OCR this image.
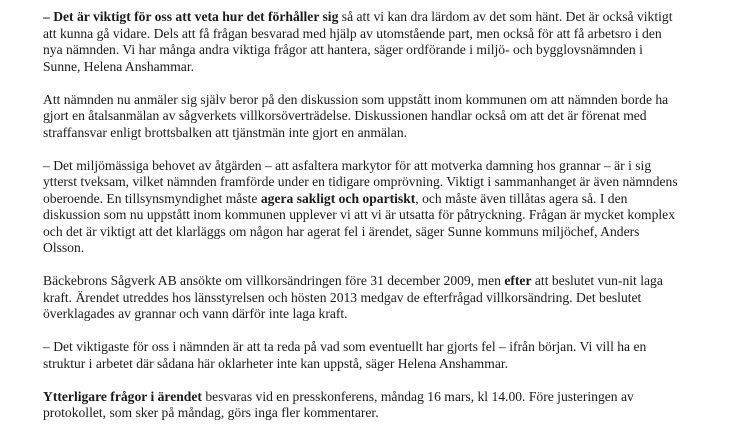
– Det är viktigt för oss att veta hur det förhåller sig så att vi kan dra lärdom av det som hänt. Det är också viktigt att kunna gå vidare. Dels att få frågan besvarad med hjälp av utomstående part, men också för att få arbetsro i den nya nämnden. Vi har många andra viktiga frågor att hantera, säger ordförande i miljö- och bygglovsnämnden i Sunne, Helena Anshammar.

Att nämnden nu anmäler sig själv beror på den diskussion som uppstått inom kommunen om att nämnden borde ha gjort en åtalsanmälan av sågverkets villkorsöverträdelse. Diskussionen handlar också om att det är förenat med straffansvar enligt brottsbalken att tjänstmän inte gjort en anmälan.

– Det miljömässiga behovet av åtgärden – att asfaltera markytor för att motverka damning hos grannar – är i sig ytterst tveksam, vilket nämnden framförde under en tidigare omprövning. Viktigt i sammanhanget är även nämndens oberoende. En tillsynsmyndighet måste agera sakligt och opartiskt, och måste även tillåtas agera så. I den diskussion som nu uppstått inom kommunen upplever vi att vi är utsatta för påtryckning. Frågan är mycket komplex och det är viktigt att det klarläggs om någon har agerat fel i ärendet, säger Sunne kommuns miljöchef, Anders Olsson.

Bäckebrons Sågverk AB ansökte om villkorsändringen före 31 december 2009, men efter att beslutet vun-nit laga kraft. Ärendet utreddes hos länsstyrelsen och hösten 2013 medgav de efterfrågad villkorsändring. Det beslutet överklagades av grannar och vann därför inte laga kraft.

– Det viktigaste för oss i nämnden är att ta reda på vad som eventuellt har gjorts fel – ifrån början. Vi vill ha en struktur i arbetet där sådana här oklarheter inte kan uppstå, säger Helena Anshammar.

Ytterligare frågor i ärendet besvaras vid en presskonferens, måndag 16 mars, kl 14.00. Före justeringen av protokollet, som sker på måndag, görs inga fler kommentarer.
